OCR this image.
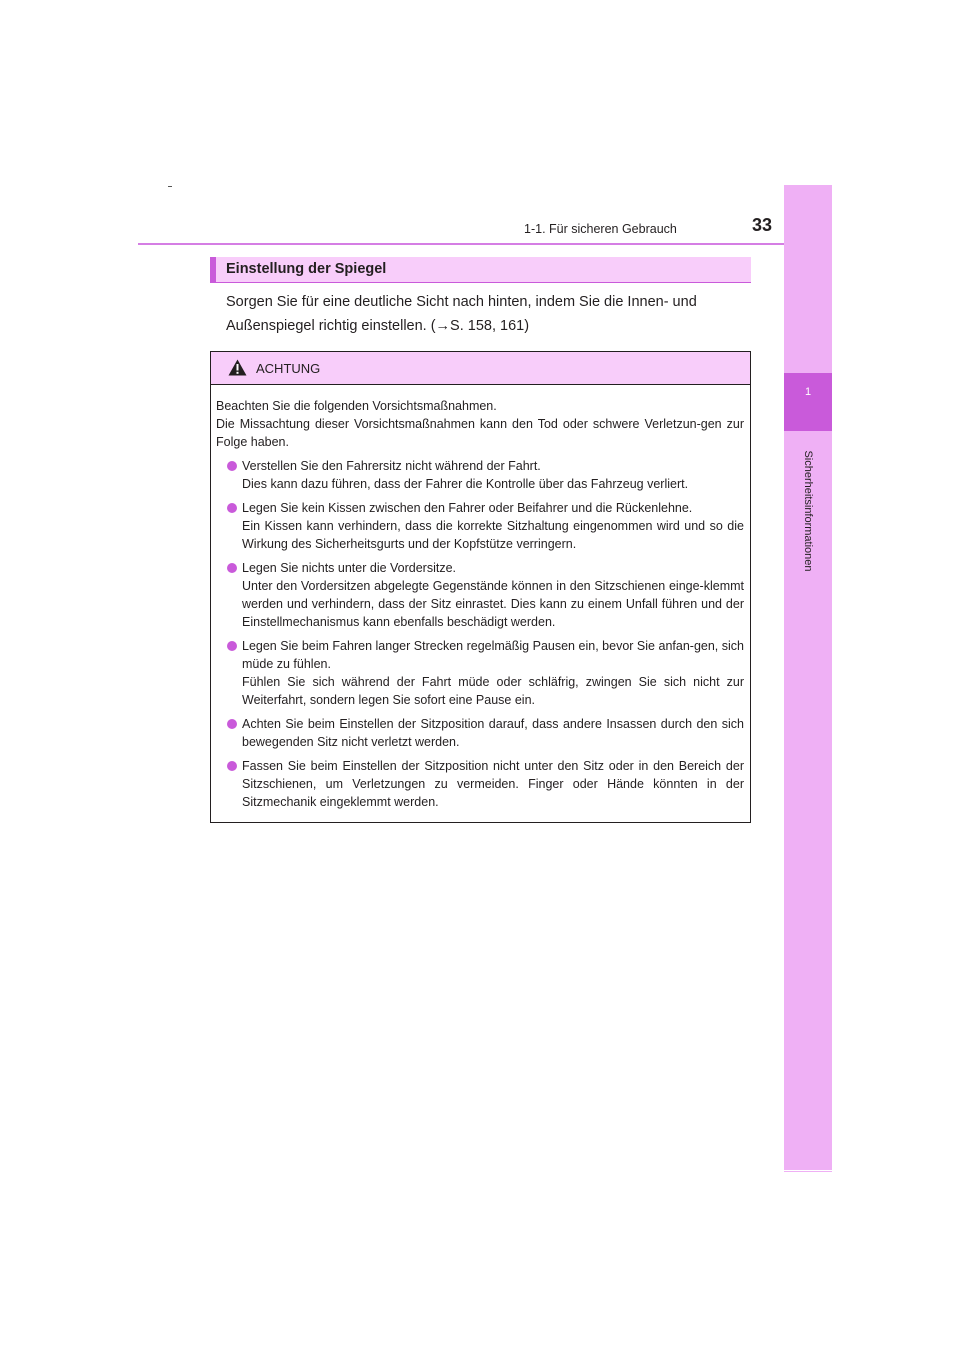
1-1. Für sicheren Gebrauch	33
1
Sicherheitsinformationen
Einstellung der Spiegel

Sorgen Sie für eine deutliche Sicht nach hinten, indem Sie die Innen- und

Außenspiegel richtig einstellen. (→S. 158, 161)

ACHTUNG

Beachten Sie die folgenden Vorsichtsmaßnahmen.
Die Missachtung dieser Vorsichtsmaßnahmen kann den Tod oder schwere Verletzun-gen zur Folge haben.

Verstellen Sie den Fahrersitz nicht während der Fahrt.

Dies kann dazu führen, dass der Fahrer die Kontrolle über das Fahrzeug verliert.

Legen Sie kein Kissen zwischen den Fahrer oder Beifahrer und die Rückenlehne.

Ein Kissen kann verhindern, dass die korrekte Sitzhaltung eingenommen wird und so die Wirkung des Sicherheitsgurts und der Kopfstütze verringern.

Legen Sie nichts unter die Vordersitze.

Unter den Vordersitzen abgelegte Gegenstände können in den Sitzschienen einge-klemmt werden und verhindern, dass der Sitz einrastet. Dies kann zu einem Unfall führen und der Einstellmechanismus kann ebenfalls beschädigt werden.

Legen Sie beim Fahren langer Strecken regelmäßig Pausen ein, bevor Sie anfan-gen, sich müde zu fühlen.

Fühlen Sie sich während der Fahrt müde oder schläfrig, zwingen Sie sich nicht zur Weiterfahrt, sondern legen Sie sofort eine Pause ein.

Achten Sie beim Einstellen der Sitzposition darauf, dass andere Insassen durch den sich bewegenden Sitz nicht verletzt werden.

Fassen Sie beim Einstellen der Sitzposition nicht unter den Sitz oder in den Bereich der Sitzschienen, um Verletzungen zu vermeiden. Finger oder Hände könnten in der Sitzmechanik eingeklemmt werden.
